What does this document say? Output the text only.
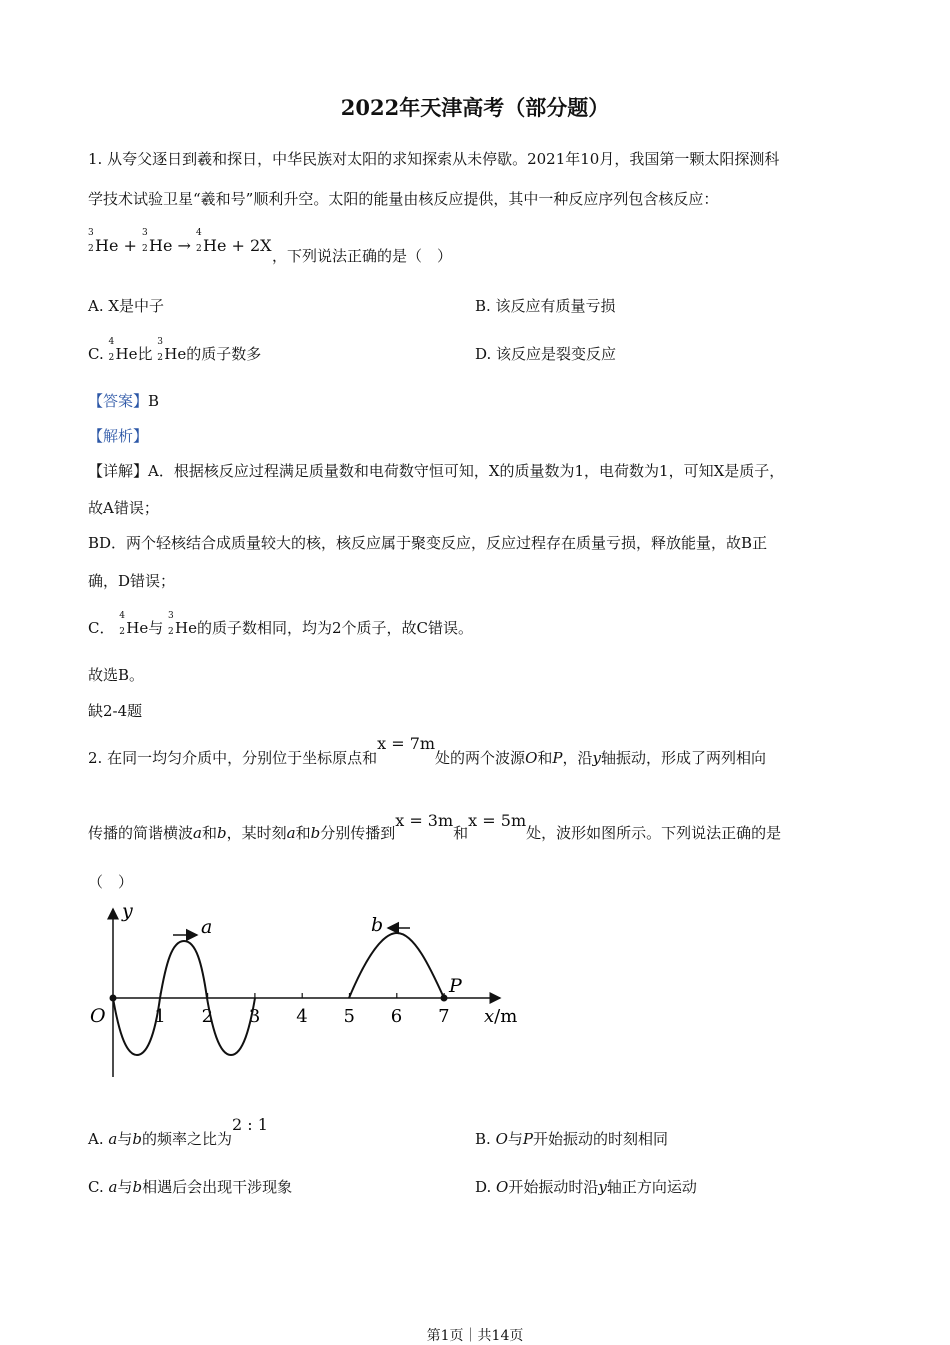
2022年天津高考（部分题）
1. 从夸父逐日到羲和探日，中华民族对太阳的求知探索从未停歇。2021年10月，我国第一颗太阳探测科
学技术试验卫星“羲和号”顺利升空。太阳的能量由核反应提供，其中一种反应序列包含核反应：
3
2 He +
3
2 He →
4
2 He + 2X
，下列说法正确的是（　）
A. X是中子	B. 该反应有质量亏损
C.
4
2 He比
3
2 He的质子数多	D. 该反应是裂变反应
【答案】B
【解析】
【详解】A．根据核反应过程满足质量数和电荷数守恒可知，X的质量数为1，电荷数为1，可知X是质子，
故A错误；
BD．两个轻核结合成质量较大的核，核反应属于聚变反应，反应过程存在质量亏损，释放能量，故B正
确，D错误；
C．
4
2 He与
3
2 He的质子数相同，均为2个质子，故C错误。
故选B。
缺2-4题
2. 在同一均匀介质中，分别位于坐标原点和x = 7m处的两个波源O和P，沿y轴振动，形成了两列相向
传播的简谐横波a和b，某时刻a和b分别传播到x = 3m和x = 5m处，波形如图所示。下列说法正确的是
（　）
y
x/m
O	1 2 3 4 5 6 7
a	b
P
A. a与b的频率之比为2 : 1
B. O与P开始振动的时刻相同
C. a与b相遇后会出现干涉现象	D. O开始振动时沿y轴正方向运动
第1页｜共14页
